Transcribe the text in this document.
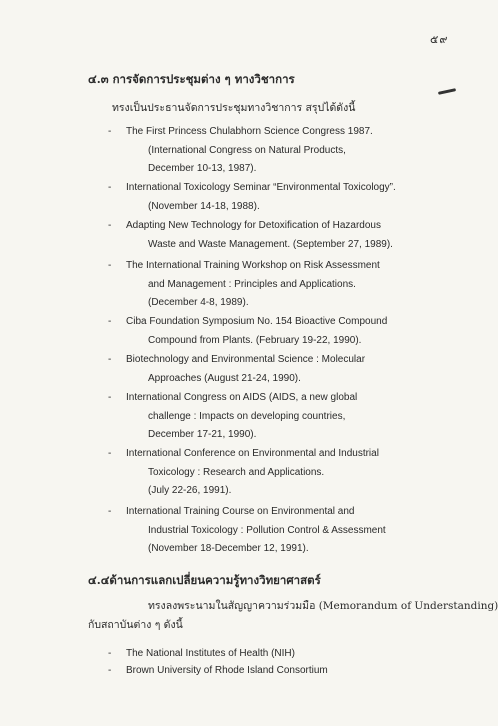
๕๙
๔.๓ การจัดการประชุมต่าง ๆ ทางวิชาการ
ทรงเป็นประธานจัดการประชุมทางวิชาการ สรุปได้ดังนี้
-	The First Princess Chulabhorn Science Congress 1987.
(International Congress on Natural Products,
December 10-13, 1987).
-	International Toxicology Seminar “Environmental Toxicology”.
(November 14-18, 1988).
-	Adapting New Technology for Detoxification of Hazardous
Waste and Waste Management. (September 27, 1989).
-	The International Training Workshop on Risk Assessment
and Management : Principles and Applications.
(December 4-8, 1989).
-	Ciba Foundation Symposium No. 154 Bioactive Compound
Compound from Plants. (February 19-22, 1990).
-	Biotechnology and Environmental Science : Molecular
Approaches (August 21-24, 1990).
-	International Congress on AIDS (AIDS, a new global
challenge : Impacts on developing countries,
December 17-21, 1990).
-	International Conference on Environmental and Industrial
Toxicology : Research and Applications.
(July 22-26, 1991).
-	International Training Course on Environmental and
Industrial Toxicology : Pollution Control & Assessment
(November 18-December 12, 1991).
๔.๔ด้านการแลกเปลี่ยนความรู้ทางวิทยาศาสตร์
ทรงลงพระนามในสัญญาความร่วมมือ (Memorandum of Understanding)
กับสถาบันต่าง ๆ ดังนี้
-	The National Institutes of Health (NIH)
-	Brown University of Rhode Island Consortium
